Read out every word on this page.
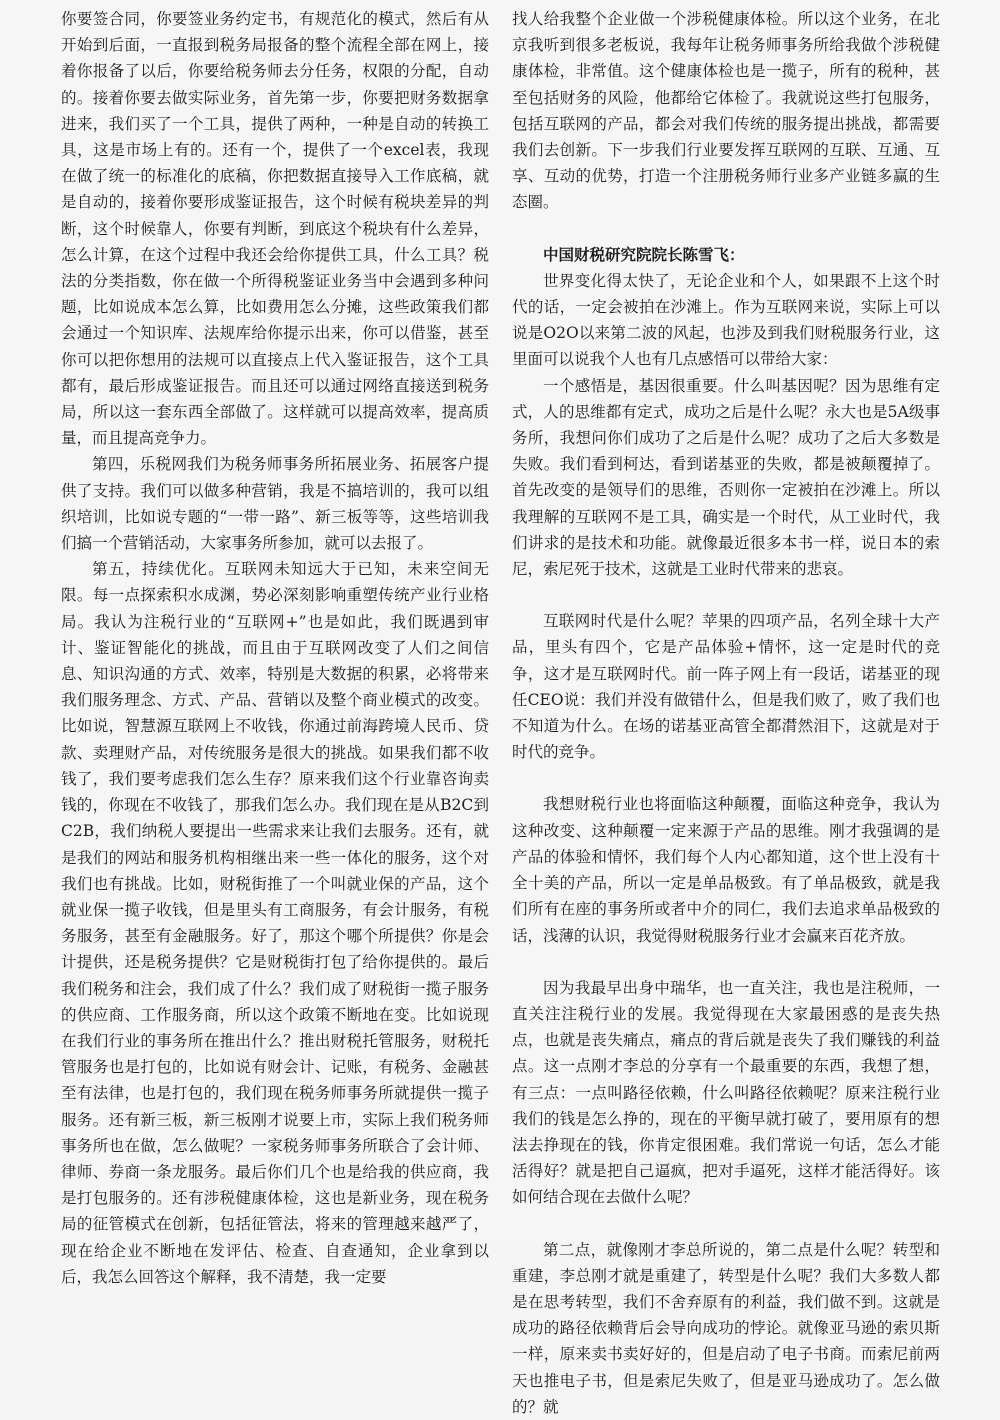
你要签合同，你要签业务约定书，有规范化的模式，然后有从开始到后面，一直报到税务局报备的整个流程全部在网上，接着你报备了以后，你要给税务师去分任务，权限的分配，自动的。接着你要去做实际业务，首先第一步，你要把财务数据拿进来，我们买了一个工具，提供了两种，一种是自动的转换工具，这是市场上有的。还有一个，提供了一个excel表，我现在做了统一的标准化的底稿，你把数据直接导入工作底稿，就是自动的，接着你要形成鉴证报告，这个时候有税块差异的判断，这个时候靠人，你要有判断，到底这个税块有什么差异，怎么计算，在这个过程中我还会给你提供工具，什么工具？税法的分类指数，你在做一个所得税鉴证业务当中会遇到多种问题，比如说成本怎么算，比如费用怎么分摊，这些政策我们都会通过一个知识库、法规库给你提示出来，你可以借鉴，甚至你可以把你想用的法规可以直接点上代入鉴证报告，这个工具都有，最后形成鉴证报告。而且还可以通过网络直接送到税务局，所以这一套东西全部做了。这样就可以提高效率，提高质量，而且提高竞争力。

第四，乐税网我们为税务师事务所拓展业务、拓展客户提供了支持。我们可以做多种营销，我是不搞培训的，我可以组织培训，比如说专题的“一带一路”、新三板等等，这些培训我们搞一个营销活动，大家事务所参加，就可以去报了。

第五，持续优化。互联网未知远大于已知，未来空间无限。每一点探索积水成渊，势必深刻影响重塑传统产业行业格局。我认为注税行业的“互联网+”也是如此，我们既遇到审计、鉴证智能化的挑战，而且由于互联网改变了人们之间信息、知识沟通的方式、效率，特别是大数据的积累，必将带来我们服务理念、方式、产品、营销以及整个商业模式的改变。比如说，智慧源互联网上不收钱，你通过前海跨境人民币、贷款、卖理财产品，对传统服务是很大的挑战。如果我们都不收钱了，我们要考虑我们怎么生存？原来我们这个行业靠咨询卖钱的，你现在不收钱了，那我们怎么办。我们现在是从B2C到C2B，我们纳税人要提出一些需求来让我们去服务。还有，就是我们的网站和服务机构相继出来一些一体化的服务，这个对我们也有挑战。比如，财税街推了一个叫就业保的产品，这个就业保一揽子收钱，但是里头有工商服务，有会计服务，有税务服务，甚至有金融服务。好了，那这个哪个所提供？你是会计提供，还是税务提供？它是财税街打包了给你提供的。最后我们税务和注会，我们成了什么？我们成了财税街一揽子服务的供应商、工作服务商，所以这个政策不断地在变。比如说现在我们行业的事务所在推出什么？推出财税托管服务，财税托管服务也是打包的，比如说有财会计、记账，有税务、金融甚至有法律，也是打包的，我们现在税务师事务所就提供一揽子服务。还有新三板，新三板刚才说要上市，实际上我们税务师事务所也在做，怎么做呢？一家税务师事务所联合了会计师、律师、券商一条龙服务。最后你们几个也是给我的供应商，我是打包服务的。还有涉税健康体检，这也是新业务，现在税务局的征管模式在创新，包括征管法，将来的管理越来越严了，现在给企业不断地在发评估、检查、自查通知，企业拿到以后，我怎么回答这个解释，我不清楚，我一定要

找人给我整个企业做一个涉税健康体检。所以这个业务，在北京我听到很多老板说，我每年让税务师事务所给我做个涉税健康体检，非常值。这个健康体检也是一揽子，所有的税种，甚至包括财务的风险，他都给它体检了。我就说这些打包服务，包括互联网的产品，都会对我们传统的服务提出挑战，都需要我们去创新。下一步我们行业要发挥互联网的互联、互通、互享、互动的优势，打造一个注册税务师行业多产业链多赢的生态圈。

中国财税研究院院长陈雪飞：

世界变化得太快了，无论企业和个人，如果跟不上这个时代的话，一定会被拍在沙滩上。作为互联网来说，实际上可以说是O2O以来第二波的风起，也涉及到我们财税服务行业，这里面可以说我个人也有几点感悟可以带给大家：

一个感悟是，基因很重要。什么叫基因呢？因为思维有定式，人的思维都有定式，成功之后是什么呢？永大也是5A级事务所，我想问你们成功了之后是什么呢？成功了之后大多数是失败。我们看到柯达，看到诺基亚的失败，都是被颠覆掉了。首先改变的是领导们的思维，否则你一定被拍在沙滩上。所以我理解的互联网不是工具，确实是一个时代，从工业时代，我们讲求的是技术和功能。就像最近很多本书一样，说日本的索尼，索尼死于技术，这就是工业时代带来的悲哀。

互联网时代是什么呢？苹果的四项产品，名列全球十大产品，里头有四个，它是产品体验+情怀，这一定是时代的竞争，这才是互联网时代。前一阵子网上有一段话，诺基亚的现任CEO说：我们并没有做错什么，但是我们败了，败了我们也不知道为什么。在场的诺基亚高管全都潸然泪下，这就是对于时代的竞争。

我想财税行业也将面临这种颠覆，面临这种竞争，我认为这种改变、这种颠覆一定来源于产品的思维。刚才我强调的是产品的体验和情怀，我们每个人内心都知道，这个世上没有十全十美的产品，所以一定是单品极致。有了单品极致，就是我们所有在座的事务所或者中介的同仁，我们去追求单品极致的话，浅薄的认识，我觉得财税服务行业才会赢来百花齐放。

因为我最早出身中瑞华，也一直关注，我也是注税师，一直关注注税行业的发展。我觉得现在大家最困惑的是丧失热点，也就是丧失痛点，痛点的背后就是丧失了我们赚钱的利益点。这一点刚才李总的分享有一个最重要的东西，我想了想，有三点：一点叫路径依赖，什么叫路径依赖呢？原来注税行业我们的钱是怎么挣的，现在的平衡早就打破了，要用原有的想法去挣现在的钱，你肯定很困难。我们常说一句话，怎么才能活得好？就是把自己逼疯，把对手逼死，这样才能活得好。该如何结合现在去做什么呢？

第二点，就像刚才李总所说的，第二点是什么呢？转型和重建，李总刚才就是重建了，转型是什么呢？我们大多数人都是在思考转型，我们不舍弃原有的利益，我们做不到。这就是成功的路径依赖背后会导向成功的悖论。就像亚马逊的索贝斯一样，原来卖书卖好好的，但是启动了电子书商。而索尼前两天也推电子书，但是索尼失败了，但是亚马逊成功了。怎么做的？就
